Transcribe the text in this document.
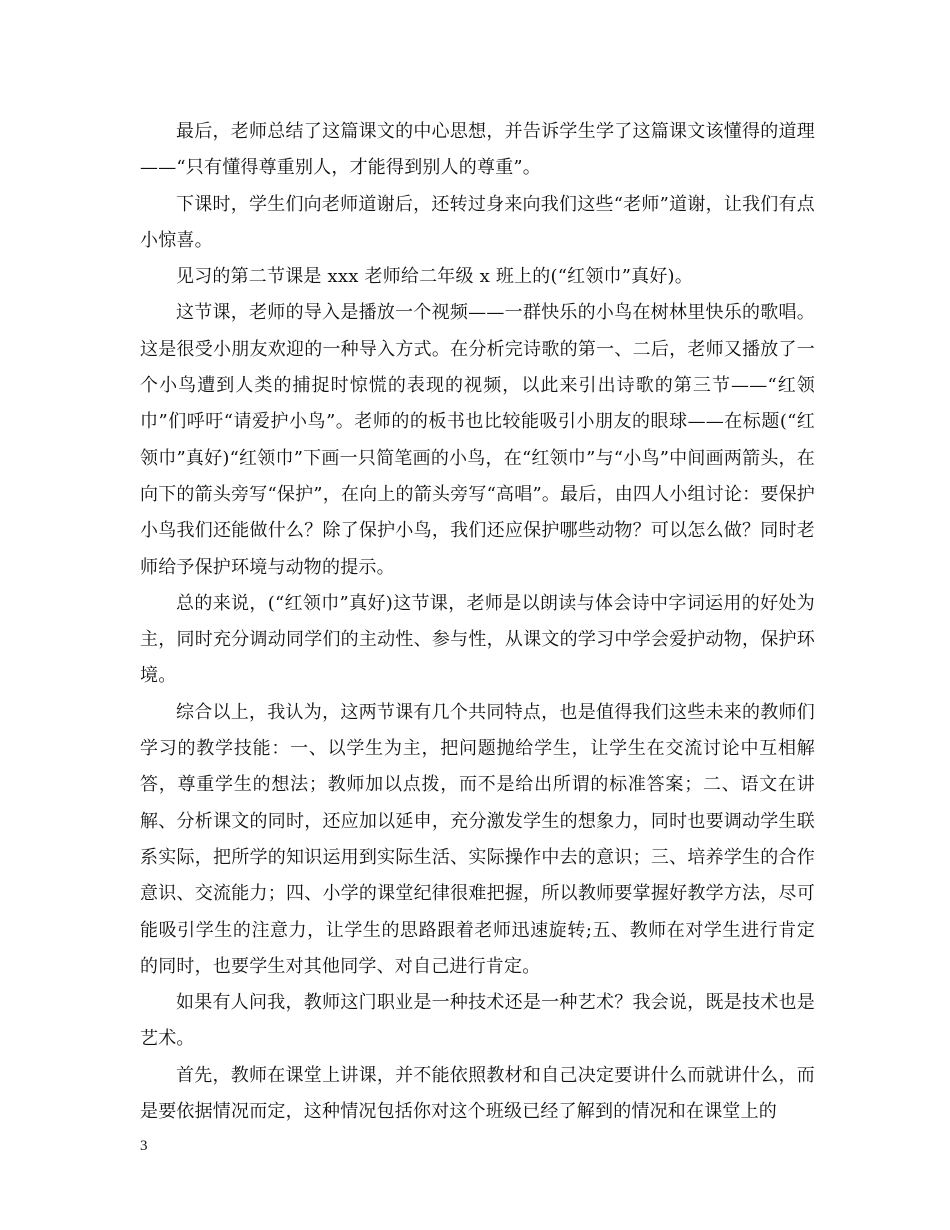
最后，老师总结了这篇课文的中心思想，并告诉学生学了这篇课文该懂得的道理——“只有懂得尊重别人，才能得到别人的尊重”。

下课时，学生们向老师道谢后，还转过身来向我们这些“老师”道谢，让我们有点小惊喜。

见习的第二节课是 xxx 老师给二年级 x 班上的(“红领巾”真好)。

这节课，老师的导入是播放一个视频——一群快乐的小鸟在树林里快乐的歌唱。这是很受小朋友欢迎的一种导入方式。在分析完诗歌的第一、二后，老师又播放了一个小鸟遭到人类的捕捉时惊慌的表现的视频，以此来引出诗歌的第三节——“红领巾”们呼吁“请爱护小鸟”。老师的的板书也比较能吸引小朋友的眼球——在标题(“红领巾”真好)“红领巾”下画一只简笔画的小鸟，在“红领巾”与“小鸟”中间画两箭头，在向下的箭头旁写“保护”，在向上的箭头旁写“高唱”。最后，由四人小组讨论：要保护小鸟我们还能做什么？除了保护小鸟，我们还应保护哪些动物？可以怎么做？同时老师给予保护环境与动物的提示。

总的来说，(“红领巾”真好)这节课，老师是以朗读与体会诗中字词运用的好处为主，同时充分调动同学们的主动性、参与性，从课文的学习中学会爱护动物，保护环境。

综合以上，我认为，这两节课有几个共同特点，也是值得我们这些未来的教师们学习的教学技能：一、以学生为主，把问题抛给学生，让学生在交流讨论中互相解答，尊重学生的想法；教师加以点拨，而不是给出所谓的标准答案；二、语文在讲解、分析课文的同时，还应加以延申，充分激发学生的想象力，同时也要调动学生联系实际，把所学的知识运用到实际生活、实际操作中去的意识；三、培养学生的合作意识、交流能力；四、小学的课堂纪律很难把握，所以教师要掌握好教学方法，尽可能吸引学生的注意力，让学生的思路跟着老师迅速旋转;五、教师在对学生进行肯定的同时，也要学生对其他同学、对自己进行肯定。

如果有人问我，教师这门职业是一种技术还是一种艺术？我会说，既是技术也是艺术。

首先，教师在课堂上讲课，并不能依照教材和自己决定要讲什么而就讲什么，而是要依据情况而定，这种情况包括你对这个班级已经了解到的情况和在课堂上的

3
